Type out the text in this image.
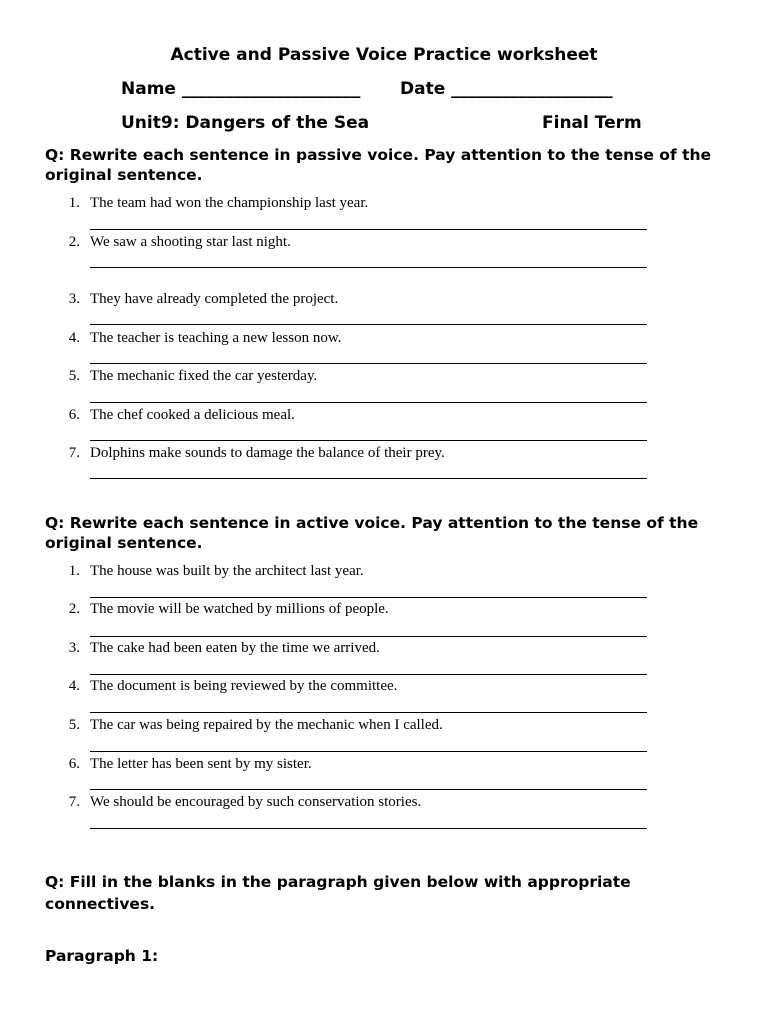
Active and Passive Voice Practice worksheet
Name _____________________ Date ___________________
Unit9: Dangers of the Sea	Final Term
Q: Rewrite each sentence in passive voice. Pay attention to the tense of the original sentence.
1. The team had won the championship last year.
2. We saw a shooting star last night.
3. They have already completed the project.
4. The teacher is teaching a new lesson now.
5. The mechanic fixed the car yesterday.
6. The chef cooked a delicious meal.
7. Dolphins make sounds to damage the balance of their prey.
Q: Rewrite each sentence in active voice. Pay attention to the tense of the original sentence.
1. The house was built by the architect last year.
2. The movie will be watched by millions of people.
3. The cake had been eaten by the time we arrived.
4. The document is being reviewed by the committee.
5. The car was being repaired by the mechanic when I called.
6. The letter has been sent by my sister.
7. We should be encouraged by such conservation stories.
Q: Fill in the blanks in the paragraph given below with appropriate connectives.
Paragraph 1:
